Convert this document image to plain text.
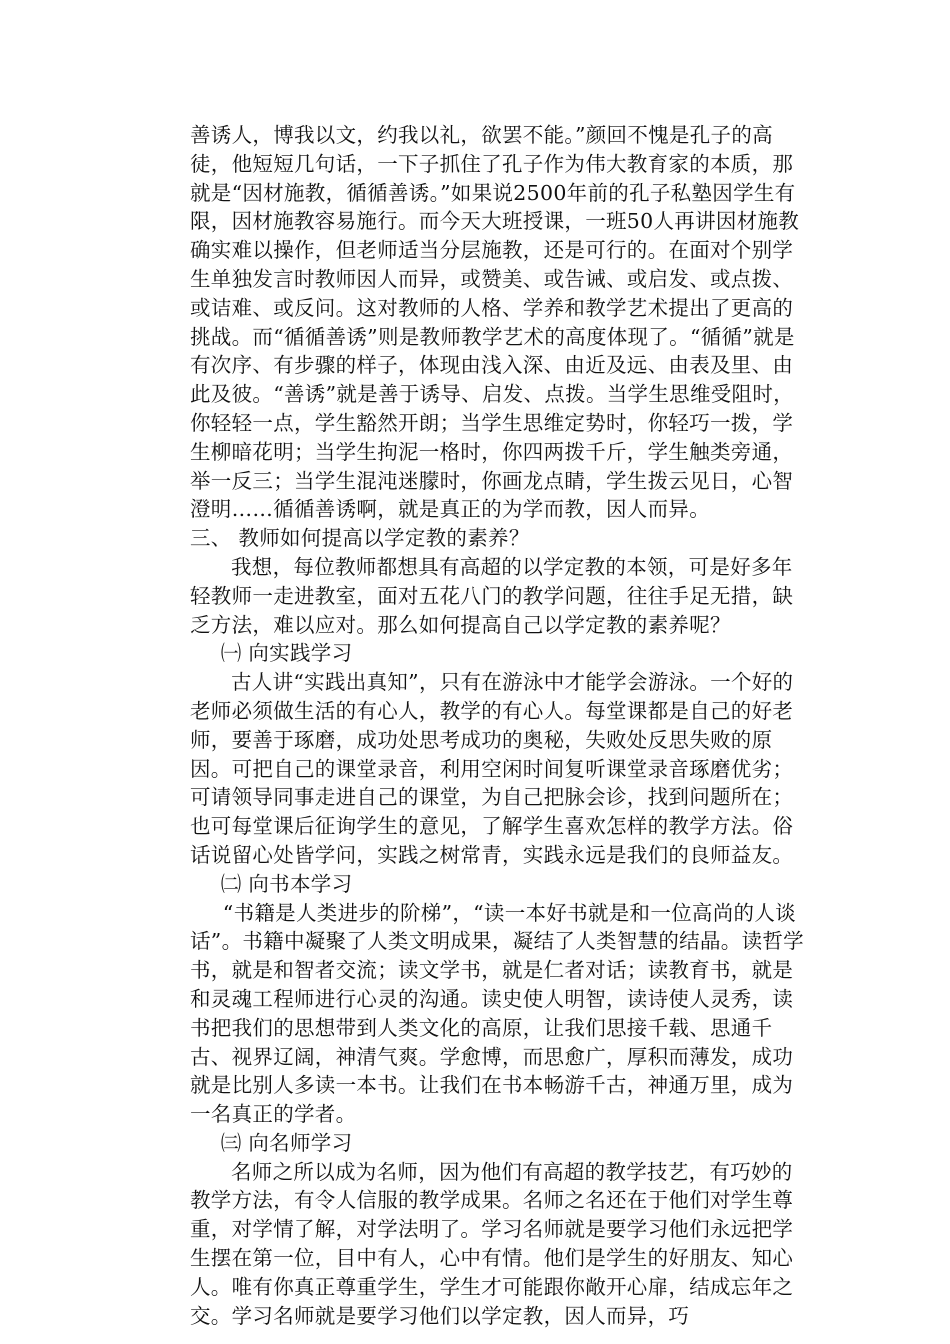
善诱人，博我以文，约我以礼，欲罢不能。”颜回不愧是孔子的高徒，他短短几句话，一下子抓住了孔子作为伟大教育家的本质，那就是“因材施教，循循善诱。”如果说2500年前的孔子私塾因学生有限，因材施教容易施行。而今天大班授课，一班50人再讲因材施教确实难以操作，但老师适当分层施教，还是可行的。在面对个别学生单独发言时教师因人而异，或赞美、或告诫、或启发、或点拨、或诘难、或反问。这对教师的人格、学养和教学艺术提出了更高的挑战。而“循循善诱”则是教师教学艺术的高度体现了。“循循”就是有次序、有步骤的样子，体现由浅入深、由近及远、由表及里、由此及彼。“善诱”就是善于诱导、启发、点拨。当学生思维受阻时，你轻轻一点，学生豁然开朗；当学生思维定势时，你轻巧一拨，学生柳暗花明；当学生拘泥一格时，你四两拨千斤，学生触类旁通，举一反三；当学生混沌迷朦时，你画龙点睛，学生拨云见日，心智澄明……循循善诱啊，就是真正的为学而教，因人而异。

三、 教师如何提高以学定教的素养？

我想，每位教师都想具有高超的以学定教的本领，可是好多年轻教师一走进教室，面对五花八门的教学问题，往往手足无措，缺乏方法，难以应对。那么如何提高自己以学定教的素养呢？

㈠ 向实践学习

古人讲“实践出真知”，只有在游泳中才能学会游泳。一个好的老师必须做生活的有心人，教学的有心人。每堂课都是自己的好老师，要善于琢磨，成功处思考成功的奥秘，失败处反思失败的原因。可把自己的课堂录音，利用空闲时间复听课堂录音琢磨优劣；可请领导同事走进自己的课堂，为自己把脉会诊，找到问题所在；也可每堂课后征询学生的意见，了解学生喜欢怎样的教学方法。俗话说留心处皆学问，实践之树常青，实践永远是我们的良师益友。

㈡ 向书本学习

“书籍是人类进步的阶梯”，“读一本好书就是和一位高尚的人谈话”。书籍中凝聚了人类文明成果，凝结了人类智慧的结晶。读哲学书，就是和智者交流；读文学书，就是仁者对话；读教育书，就是和灵魂工程师进行心灵的沟通。读史使人明智，读诗使人灵秀，读书把我们的思想带到人类文化的高原，让我们思接千载、思通千古、视界辽阔，神清气爽。学愈博，而思愈广，厚积而薄发，成功就是比别人多读一本书。让我们在书本畅游千古，神通万里，成为一名真正的学者。

㈢ 向名师学习

名师之所以成为名师，因为他们有高超的教学技艺，有巧妙的教学方法，有令人信服的教学成果。名师之名还在于他们对学生尊重，对学情了解，对学法明了。学习名师就是要学习他们永远把学生摆在第一位，目中有人，心中有情。他们是学生的好朋友、知心人。唯有你真正尊重学生，学生才可能跟你敞开心扉，结成忘年之交。学习名师就是要学习他们以学定教，因人而异，巧
